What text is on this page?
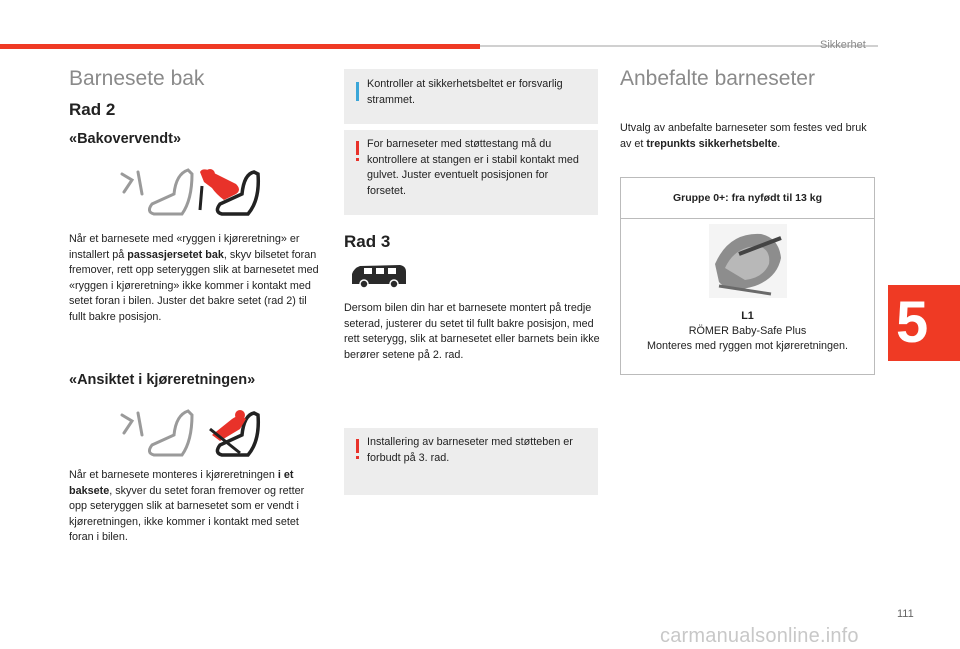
Sikkerhet
5
111
Barnesete bak
Rad 2
«Bakovervendt»

Når et barnesete med «ryggen i kjøreretning» er installert på passasjersetet bak, skyv bilsetet foran fremover, rett opp seteryggen slik at barnesetet med «ryggen i kjøreretning» ikke kommer i kontakt med setet foran i bilen. Juster det bakre setet (rad 2) til fullt bakre posisjon.

«Ansiktet i kjøreretningen»

Når et barnesete monteres i kjøreretningen i et baksete, skyver du setet foran fremover og retter opp seteryggen slik at barnesetet som er vendt i kjøreretningen, ikke kommer i kontakt med setet foran i bilen.

Kontroller at sikkerhetsbeltet er forsvarlig strammet.

For barneseter med støttestang må du kontrollere at stangen er i stabil kontakt med gulvet. Juster eventuelt posisjonen for forsetet.

Rad 3

Dersom bilen din har et barnesete montert på tredje seterad, justerer du setet til fullt bakre posisjon, med rett seterygg, slik at barnesetet eller barnets bein ikke berører setene på 2. rad.

Installering av barneseter med støtteben er forbudt på 3. rad.

Anbefalte barneseter

Utvalg av anbefalte barneseter som festes ved bruk av et trepunkts sikkerhetsbelte.

Gruppe 0+: fra nyfødt til 13 kg
L1
RÖMER Baby-Safe Plus
Monteres med ryggen mot kjøreretningen.
carmanualsonline.info
